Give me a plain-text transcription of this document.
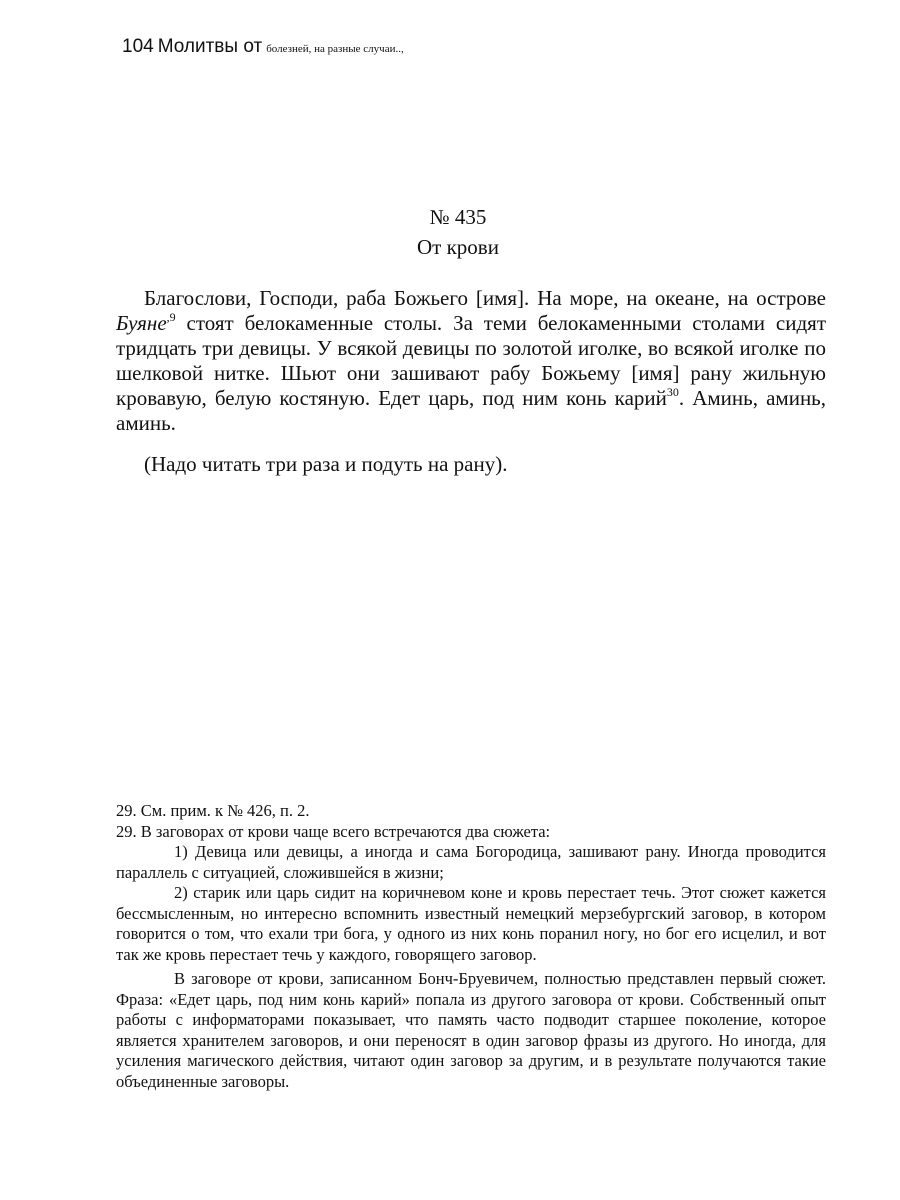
104 Молитвы от болезней, на разные случаи..,
№ 435
От крови

Благослови, Господи, раба Божьего [имя]. На море, на океане, на острове Буяне$^{,9}$ стоят белокаменные столы. За теми белокаменными столами сидят тридцать три девицы. У всякой девицы по золотой иголке, во всякой иголке по шелковой нитке. Шьют они зашивают рабу Божьему [имя] рану жильную кровавую, белую костяную. Едет царь, под ним конь карий$^{30}$. Аминь, аминь, аминь.

(Надо читать три раза и подуть на рану).

29. См. прим. к № 426, п. 2.

29. В заговорах от крови чаще всего встречаются два сюжета:

1) Девица или девицы, а иногда и сама Богородица, зашивают рану. Иногда проводится параллель с ситуацией, сложившейся в жизни;

2) старик или царь сидит на коричневом коне и кровь перестает течь. Этот сюжет кажется бессмысленным, но интересно вспомнить известный немецкий мерзебургский заговор, в котором говорится о том, что ехали три бога, у одного из них конь поранил ногу, но бог его исцелил, и вот так же кровь перестает течь у каждого, говорящего заговор.

В заговоре от крови, записанном Бонч-Бруевичем, полностью представлен первый сюжет. Фраза: «Едет царь, под ним конь карий» попала из другого заговора от крови. Собственный опыт работы с информаторами показывает, что память часто подводит старшее поколение, которое является хранителем заговоров, и они переносят в один заговор фразы из другого. Но иногда, для усиления магического действия, читают один заговор за другим, и в результате получаются такие объединенные заговоры.
